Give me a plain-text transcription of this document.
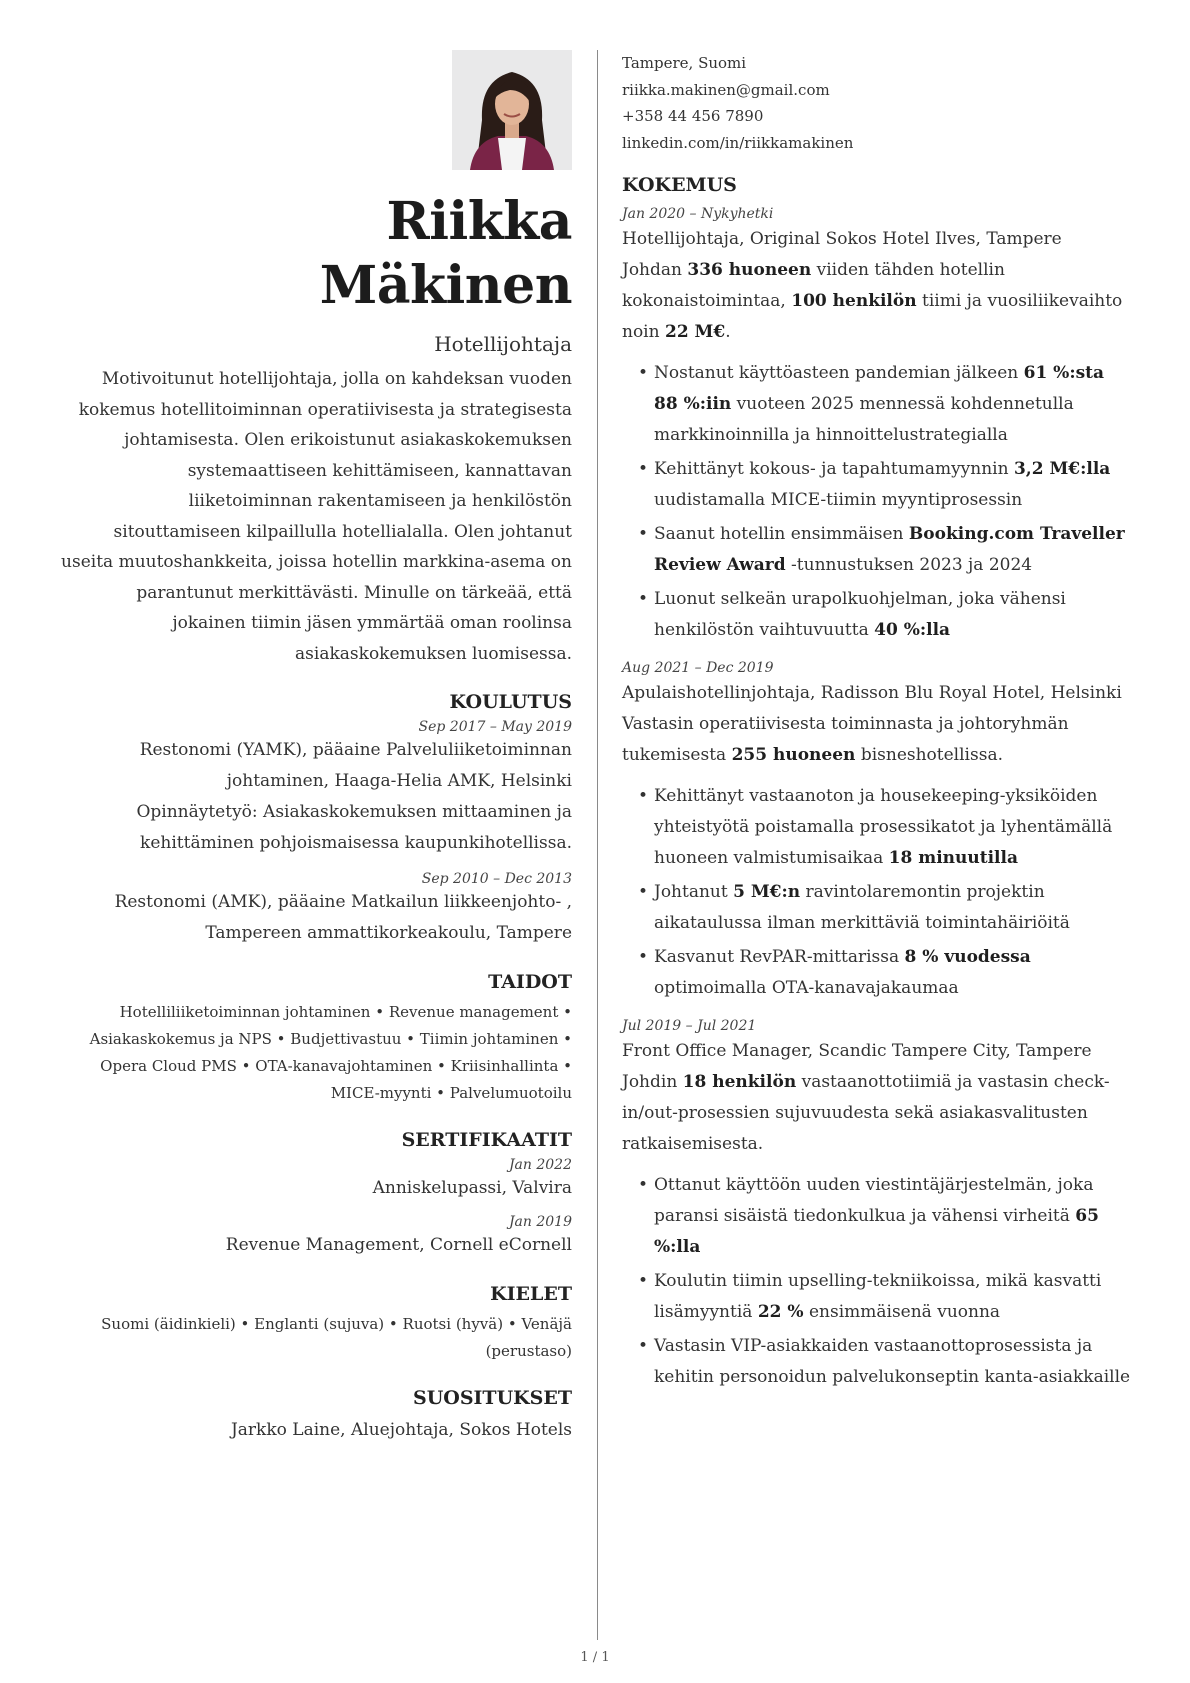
Riikka
Mäkinen
Hotellijohtaja
Motivoitunut hotellijohtaja, jolla on kahdeksan vuoden kokemus hotellitoiminnan operatiivisesta ja strategisesta johtamisesta. Olen erikoistunut asiakaskokemuksen systemaattiseen kehittämiseen, kannattavan liiketoiminnan rakentamiseen ja henkilöstön sitouttamiseen kilpaillulla hotellialalla. Olen johtanut useita muutoshankkeita, joissa hotellin markkina-asema on parantunut merkittävästi. Minulle on tärkeää, että jokainen tiimin jäsen ymmärtää oman roolinsa asiakaskokemuksen luomisessa.
KOULUTUS
Sep 2017 – May 2019
Restonomi (YAMK), pääaine Palveluliiketoiminnan johtaminen, Haaga-Helia AMK, Helsinki
Opinnäytetyö: Asiakaskokemuksen mittaaminen ja kehittäminen pohjoismaisessa kaupunkihotellissa.
Sep 2010 – Dec 2013
Restonomi (AMK), pääaine Matkailun liikkeenjohto- , Tampereen ammattikorkeakoulu, Tampere
TAIDOT
Hotelliliiketoiminnan johtaminen • Revenue management • Asiakaskokemus ja NPS • Budjettivastuu • Tiimin johtaminen • Opera Cloud PMS • OTA-kanavajohtaminen • Kriisinhallinta • MICE-myynti • Palvelumuotoilu
SERTIFIKAATIT
Jan 2022
Anniskelupassi, Valvira
Jan 2019
Revenue Management, Cornell eCornell
KIELET
Suomi (äidinkieli) • Englanti (sujuva) • Ruotsi (hyvä) • Venäjä (perustaso)
SUOSITUKSET
Jarkko Laine, Aluejohtaja, Sokos Hotels
Tampere, Suomi
riikka.makinen@gmail.com
+358 44 456 7890
linkedin.com/in/riikkamakinen
KOKEMUS
Jan 2020 – Nykyhetki
Hotellijohtaja, Original Sokos Hotel Ilves, Tampere
Johdan 336 huoneen viiden tähden hotellin kokonaistoimintaa, 100 henkilön tiimi ja vuosiliikevaihto noin 22 M€.
• Nostanut käyttöasteen pandemian jälkeen 61 %:sta 88 %:iin vuoteen 2025 mennessä kohdennetulla markkinoinnilla ja hinnoittelustrategialla
• Kehittänyt kokous- ja tapahtumamyynnin 3,2 M€:lla uudistamalla MICE-tiimin myyntiprosessin
• Saanut hotellin ensimmäisen Booking.com Traveller Review Award -tunnustuksen 2023 ja 2024
• Luonut selkeän urapolkuohjelman, joka vähensi henkilöstön vaihtuvuutta 40 %:lla
Aug 2021 – Dec 2019
Apulaishotellinjohtaja, Radisson Blu Royal Hotel, Helsinki
Vastasin operatiivisesta toiminnasta ja johtoryhmän tukemisesta 255 huoneen bisneshotellissa.
• Kehittänyt vastaanoton ja housekeeping-yksiköiden yhteistyötä poistamalla prosessikatot ja lyhentämällä huoneen valmistumisaikaa 18 minuutilla
• Johtanut 5 M€:n ravintolaremontin projektin aikataulussa ilman merkittäviä toimintahäiriöitä
• Kasvanut RevPAR-mittarissa 8 % vuodessa optimoimalla OTA-kanavajakaumaa
Jul 2019 – Jul 2021
Front Office Manager, Scandic Tampere City, Tampere
Johdin 18 henkilön vastaanottotiimiä ja vastasin check-in/out-prosessien sujuvuudesta sekä asiakasvalitusten ratkaisemisesta.
• Ottanut käyttöön uuden viestintäjärjestelmän, joka paransi sisäistä tiedonkulkua ja vähensi virheitä 65 %:lla
• Koulutin tiimin upselling-tekniikoissa, mikä kasvatti lisämyyntiä 22 % ensimmäisenä vuonna
• Vastasin VIP-asiakkaiden vastaanottoprosessista ja kehitin personoidun palvelukonseptin kanta-asiakkaille
1 / 1
